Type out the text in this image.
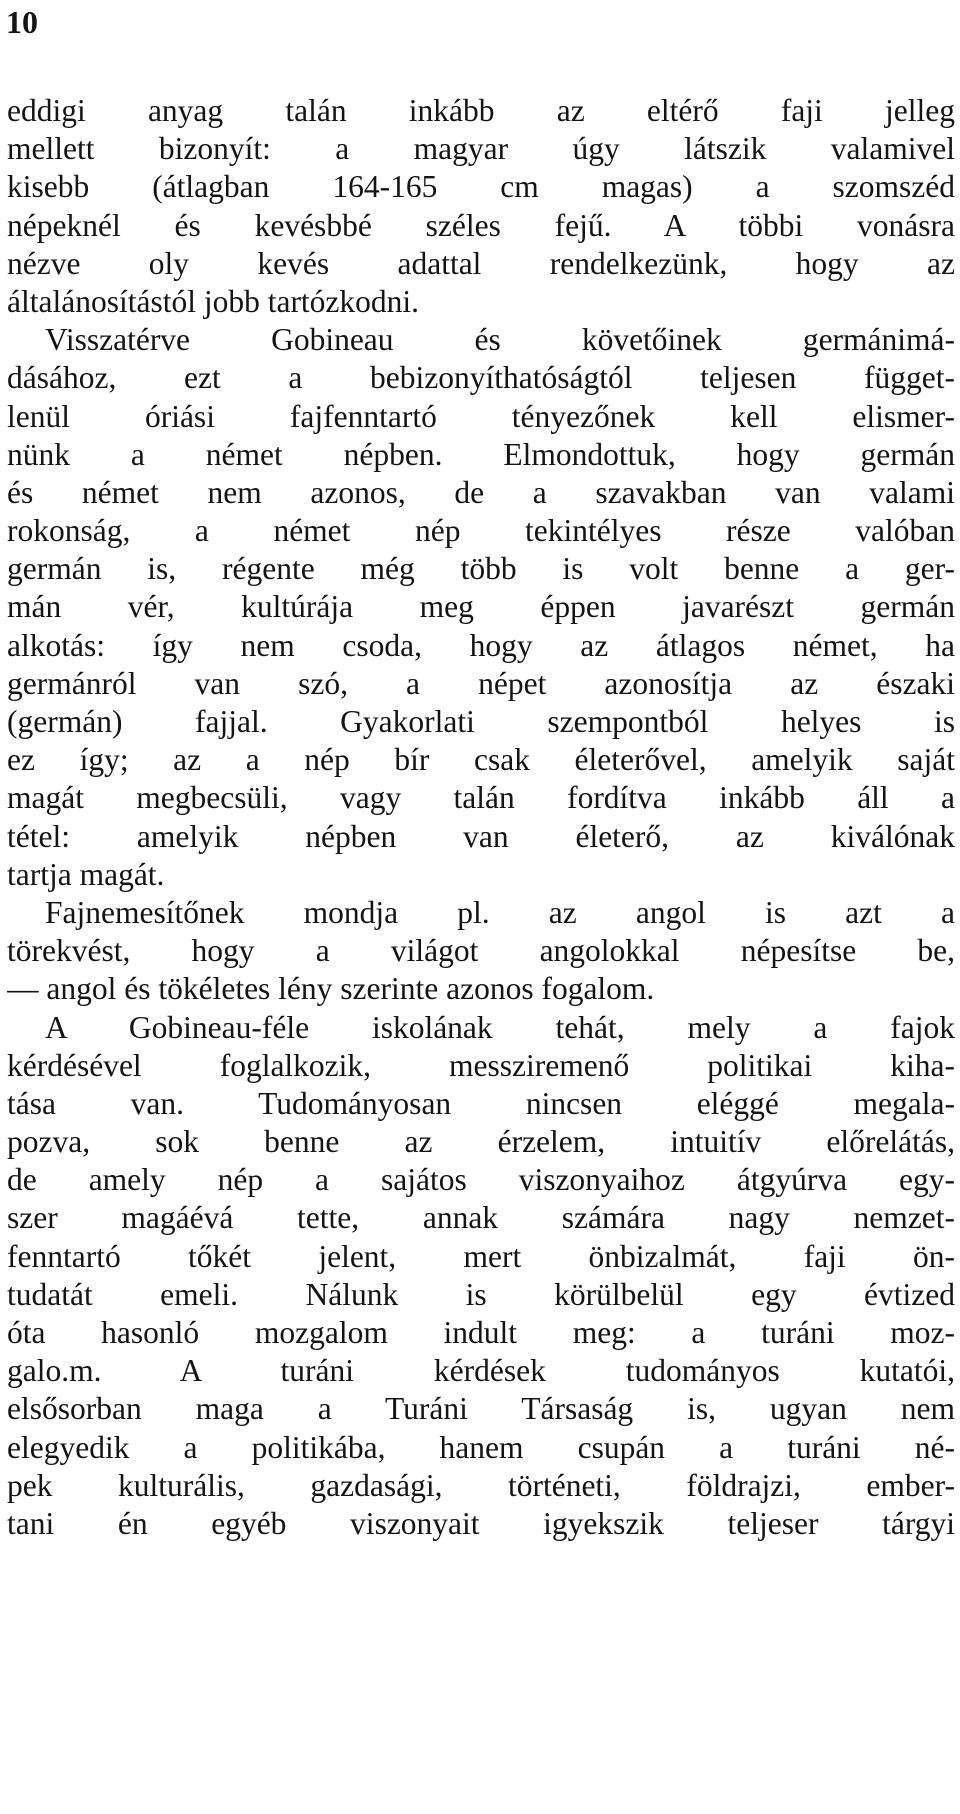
10
eddigi anyag talán inkább az eltérő faji jelleg
mellett bizonyít: a magyar úgy látszik valamivel
kisebb (átlagban 164-165 cm magas) a szomszéd
népeknél és kevésbbé széles fejű. A többi vonásra
nézve oly kevés adattal rendelkezünk, hogy az
általánosítástól jobb tartózkodni.
Visszatérve Gobineau és követőinek germánimá-
dásához, ezt a bebizonyíthatóságtól teljesen függet-
lenül óriási fajfenntartó tényezőnek kell elismer-
nünk a német népben. Elmondottuk, hogy germán
és német nem azonos, de a szavakban van valami
rokonság, a német nép tekintélyes része valóban
germán is, régente még több is volt benne a ger-
mán vér, kultúrája meg éppen javarészt germán
alkotás: így nem csoda, hogy az átlagos német, ha
germánról van szó, a népet azonosítja az északi
(germán) fajjal. Gyakorlati szempontból helyes is
ez így; az a nép bír csak életerővel, amelyik saját
magát megbecsüli, vagy talán fordítva inkább áll a
tétel: amelyik népben van életerő, az kiválónak
tartja magát.
Fajnemesítőnek mondja pl. az angol is azt a
törekvést, hogy a világot angolokkal népesítse be,
— angol és tökéletes lény szerinte azonos fogalom.
A Gobineau-féle iskolának tehát, mely a fajok
kérdésével foglalkozik, messziremenő politikai kiha-
tása van. Tudományosan nincsen eléggé megala-
pozva, sok benne az érzelem, intuitív előrelátás,
de amely nép a sajátos viszonyaihoz átgyúrva egy-
szer magáévá tette, annak számára nagy nemzet-
fenntartó tőkét jelent, mert önbizalmát, faji ön-
tudatát emeli. Nálunk is körülbelül egy évtized
óta hasonló mozgalom indult meg: a turáni moz-
galo.m. A turáni kérdések tudományos kutatói,
elsősorban maga a Turáni Társaság is, ugyan nem
elegyedik a politikába, hanem csupán a turáni né-
pek kulturális, gazdasági, történeti, földrajzi, ember-
tani én egyéb viszonyait igyekszik teljeser tárgyi
